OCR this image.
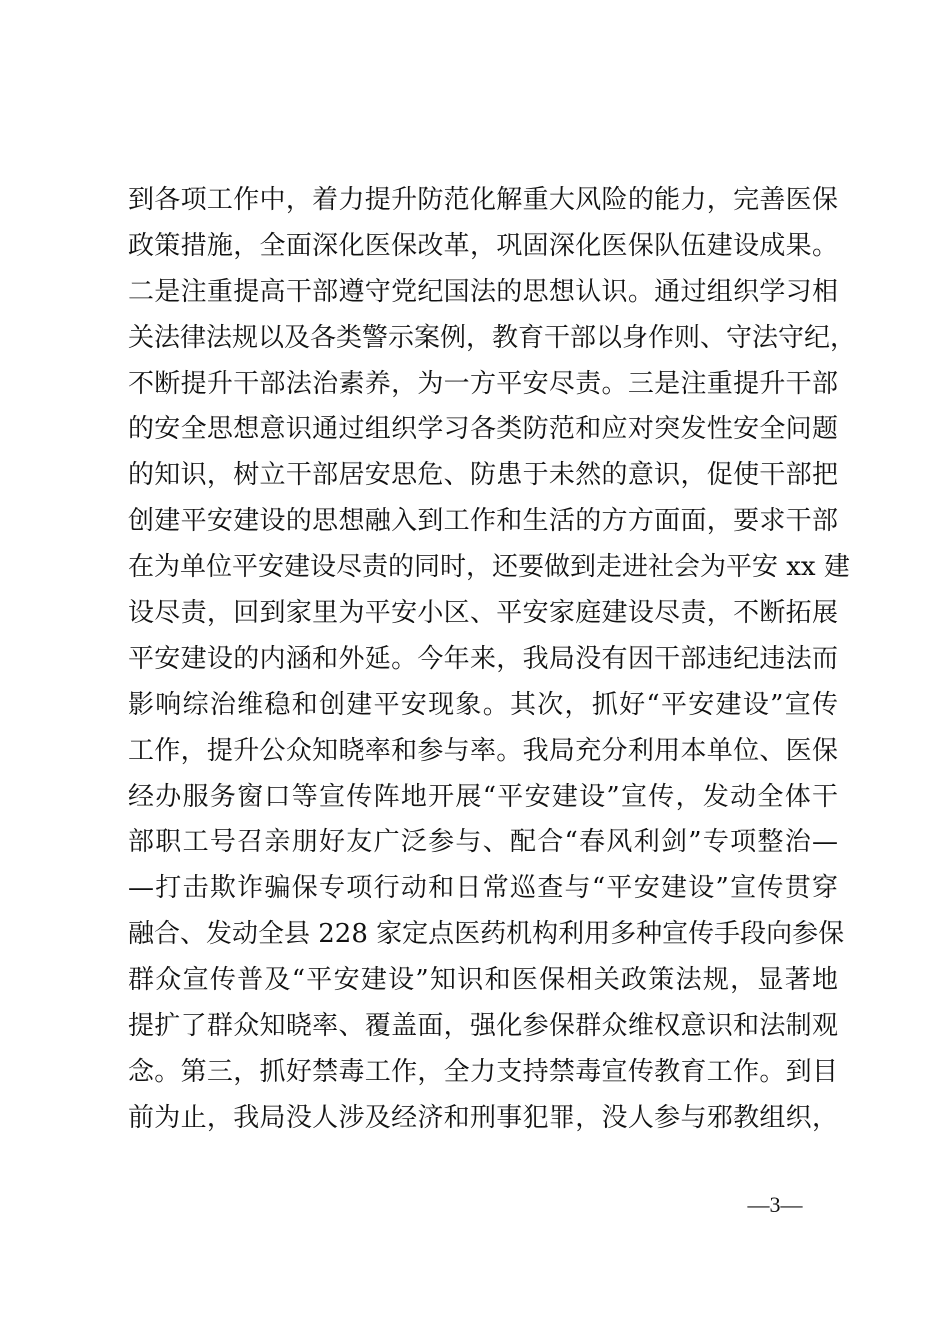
到各项工作中，着力提升防范化解重大风险的能力，完善医保
政策措施，全面深化医保改革，巩固深化医保队伍建设成果。
二是注重提高干部遵守党纪国法的思想认识。通过组织学习相
关法律法规以及各类警示案例，教育干部以身作则、守法守纪，
不断提升干部法治素养，为一方平安尽责。三是注重提升干部
的安全思想意识通过组织学习各类防范和应对突发性安全问题
的知识，树立干部居安思危、防患于未然的意识，促使干部把
创建平安建设的思想融入到工作和生活的方方面面，要求干部
在为单位平安建设尽责的同时，还要做到走进社会为平安 xx 建
设尽责，回到家里为平安小区、平安家庭建设尽责，不断拓展
平安建设的内涵和外延。今年来，我局没有因干部违纪违法而
影响综治维稳和创建平安现象。其次，抓好“平安建设”宣传
工作，提升公众知晓率和参与率。我局充分利用本单位、医保
经办服务窗口等宣传阵地开展“平安建设”宣传，发动全体干
部职工号召亲朋好友广泛参与、配合“春风利剑”专项整治—
—打击欺诈骗保专项行动和日常巡查与“平安建设”宣传贯穿
融合、发动全县 228 家定点医药机构利用多种宣传手段向参保
群众宣传普及“平安建设”知识和医保相关政策法规，显著地
提扩了群众知晓率、覆盖面，强化参保群众维权意识和法制观
念。第三，抓好禁毒工作，全力支持禁毒宣传教育工作。到目
前为止，我局没人涉及经济和刑事犯罪，没人参与邪教组织，
—3—
